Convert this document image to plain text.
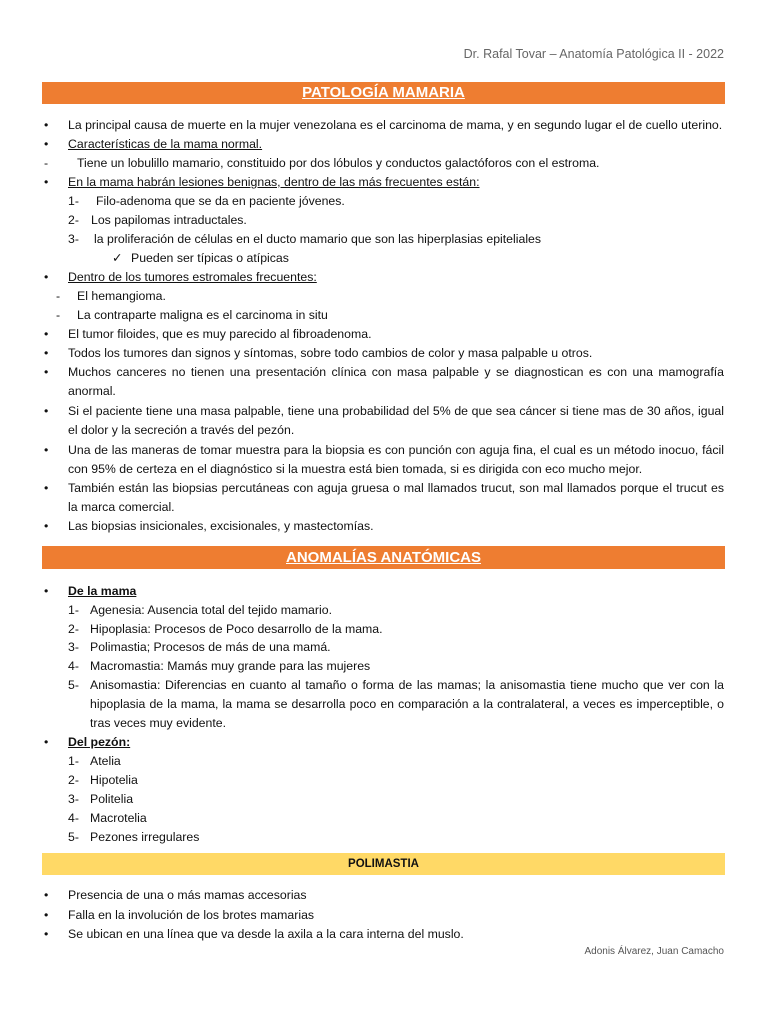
Dr. Rafal Tovar – Anatomía Patológica II - 2022
PATOLOGÍA MAMARIA
• La principal causa de muerte en la mujer venezolana es el carcinoma de mama, y en segundo lugar el de cuello uterino.
• Características de la mama normal.
- Tiene un lobulillo mamario, constituido por dos lóbulos y conductos galactóforos con el estroma.
• En la mama habrán lesiones benignas, dentro de las más frecuentes están:
1- Filo-adenoma que se da en paciente jóvenes.
2- Los papilomas intraductales.
3- la proliferación de células en el ducto mamario que son las hiperplasias epiteliales
✓ Pueden ser típicas o atípicas
• Dentro de los tumores estromales frecuentes:
- El hemangioma.
- La contraparte maligna es el carcinoma in situ
• El tumor filoides, que es muy parecido al fibroadenoma.
• Todos los tumores dan signos y síntomas, sobre todo cambios de color y masa palpable u otros.
• Muchos canceres no tienen una presentación clínica con masa palpable y se diagnostican es con una mamografía anormal.
• Si el paciente tiene una masa palpable, tiene una probabilidad del 5% de que sea cáncer si tiene mas de 30 años, igual el dolor y la secreción a través del pezón.
• Una de las maneras de tomar muestra para la biopsia es con punción con aguja fina, el cual es un método inocuo, fácil con 95% de certeza en el diagnóstico si la muestra está bien tomada, si es dirigida con eco mucho mejor.
• También están las biopsias percutáneas con aguja gruesa o mal llamados trucut, son mal llamados porque el trucut es la marca comercial.
• Las biopsias insicionales, excisionales, y mastectomías.
ANOMALÍAS ANATÓMICAS
• De la mama
1- Agenesia: Ausencia total del tejido mamario.
2- Hipoplasia: Procesos de Poco desarrollo de la mama.
3- Polimastia; Procesos de más de una mamá.
4- Macromastia: Mamás muy grande para las mujeres
5- Anisomastia: Diferencias en cuanto al tamaño o forma de las mamas; la anisomastia tiene mucho que ver con la hipoplasia de la mama, la mama se desarrolla poco en comparación a la contralateral, a veces es imperceptible, o tras veces muy evidente.
• Del pezón:
1- Atelia
2- Hipotelia
3- Politelia
4- Macrotelia
5- Pezones irregulares
POLIMASTIA
• Presencia de una o más mamas accesorias
• Falla en la involución de los brotes mamarias
• Se ubican en una línea que va desde la axila a la cara interna del muslo.
Adonis Álvarez, Juan Camacho
